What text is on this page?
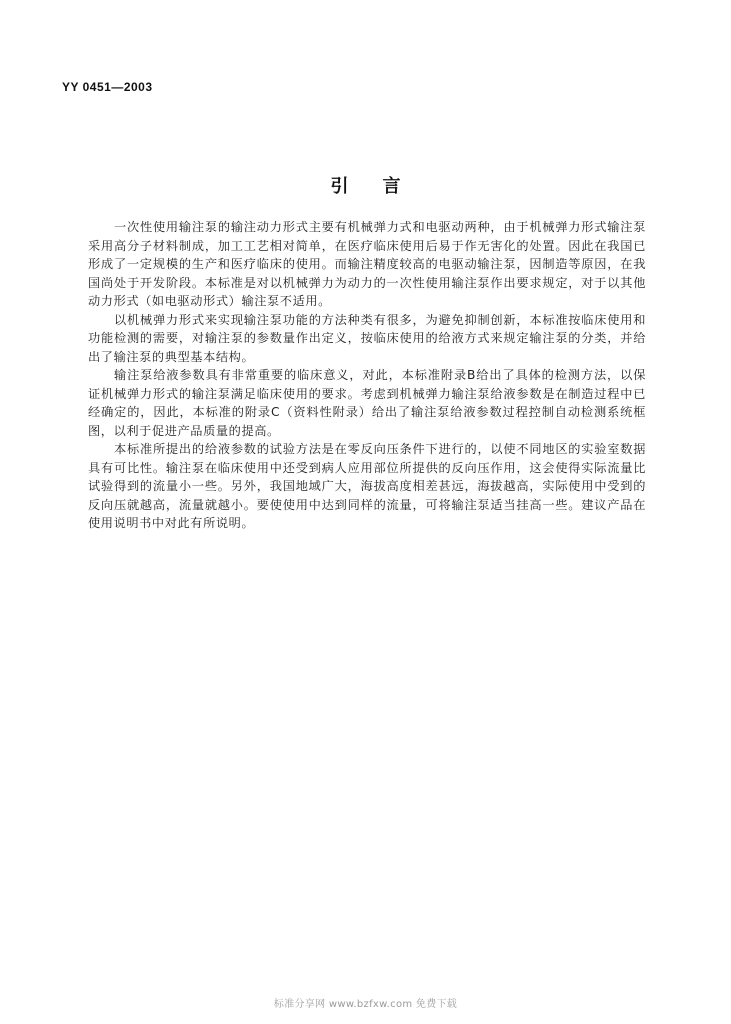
YY 0451—2003
引 言

一次性使用输注泵的输注动力形式主要有机械弹力式和电驱动两种，由于机械弹力形式输注泵采用高分子材料制成，加工工艺相对简单，在医疗临床使用后易于作无害化的处置。因此在我国已形成了一定规模的生产和医疗临床的使用。而输注精度较高的电驱动输注泵，因制造等原因，在我国尚处于开发阶段。本标准是对以机械弹力为动力的一次性使用输注泵作出要求规定，对于以其他动力形式（如电驱动形式）输注泵不适用。

以机械弹力形式来实现输注泵功能的方法种类有很多，为避免抑制创新，本标准按临床使用和功能检测的需要，对输注泵的参数量作出定义，按临床使用的给液方式来规定输注泵的分类，并给出了输注泵的典型基本结构。

输注泵给液参数具有非常重要的临床意义，对此，本标准附录B给出了具体的检测方法，以保证机械弹力形式的输注泵满足临床使用的要求。考虑到机械弹力输注泵给液参数是在制造过程中已经确定的，因此，本标准的附录C（资料性附录）给出了输注泵给液参数过程控制自动检测系统框图，以利于促进产品质量的提高。

本标准所提出的给液参数的试验方法是在零反向压条件下进行的，以使不同地区的实验室数据具有可比性。输注泵在临床使用中还受到病人应用部位所提供的反向压作用，这会使得实际流量比试验得到的流量小一些。另外，我国地域广大，海拔高度相差甚远，海拔越高，实际使用中受到的反向压就越高，流量就越小。要使使用中达到同样的流量，可将输注泵适当挂高一些。建议产品在使用说明书中对此有所说明。

标准分享网 www.bzfxw.com 免费下载
